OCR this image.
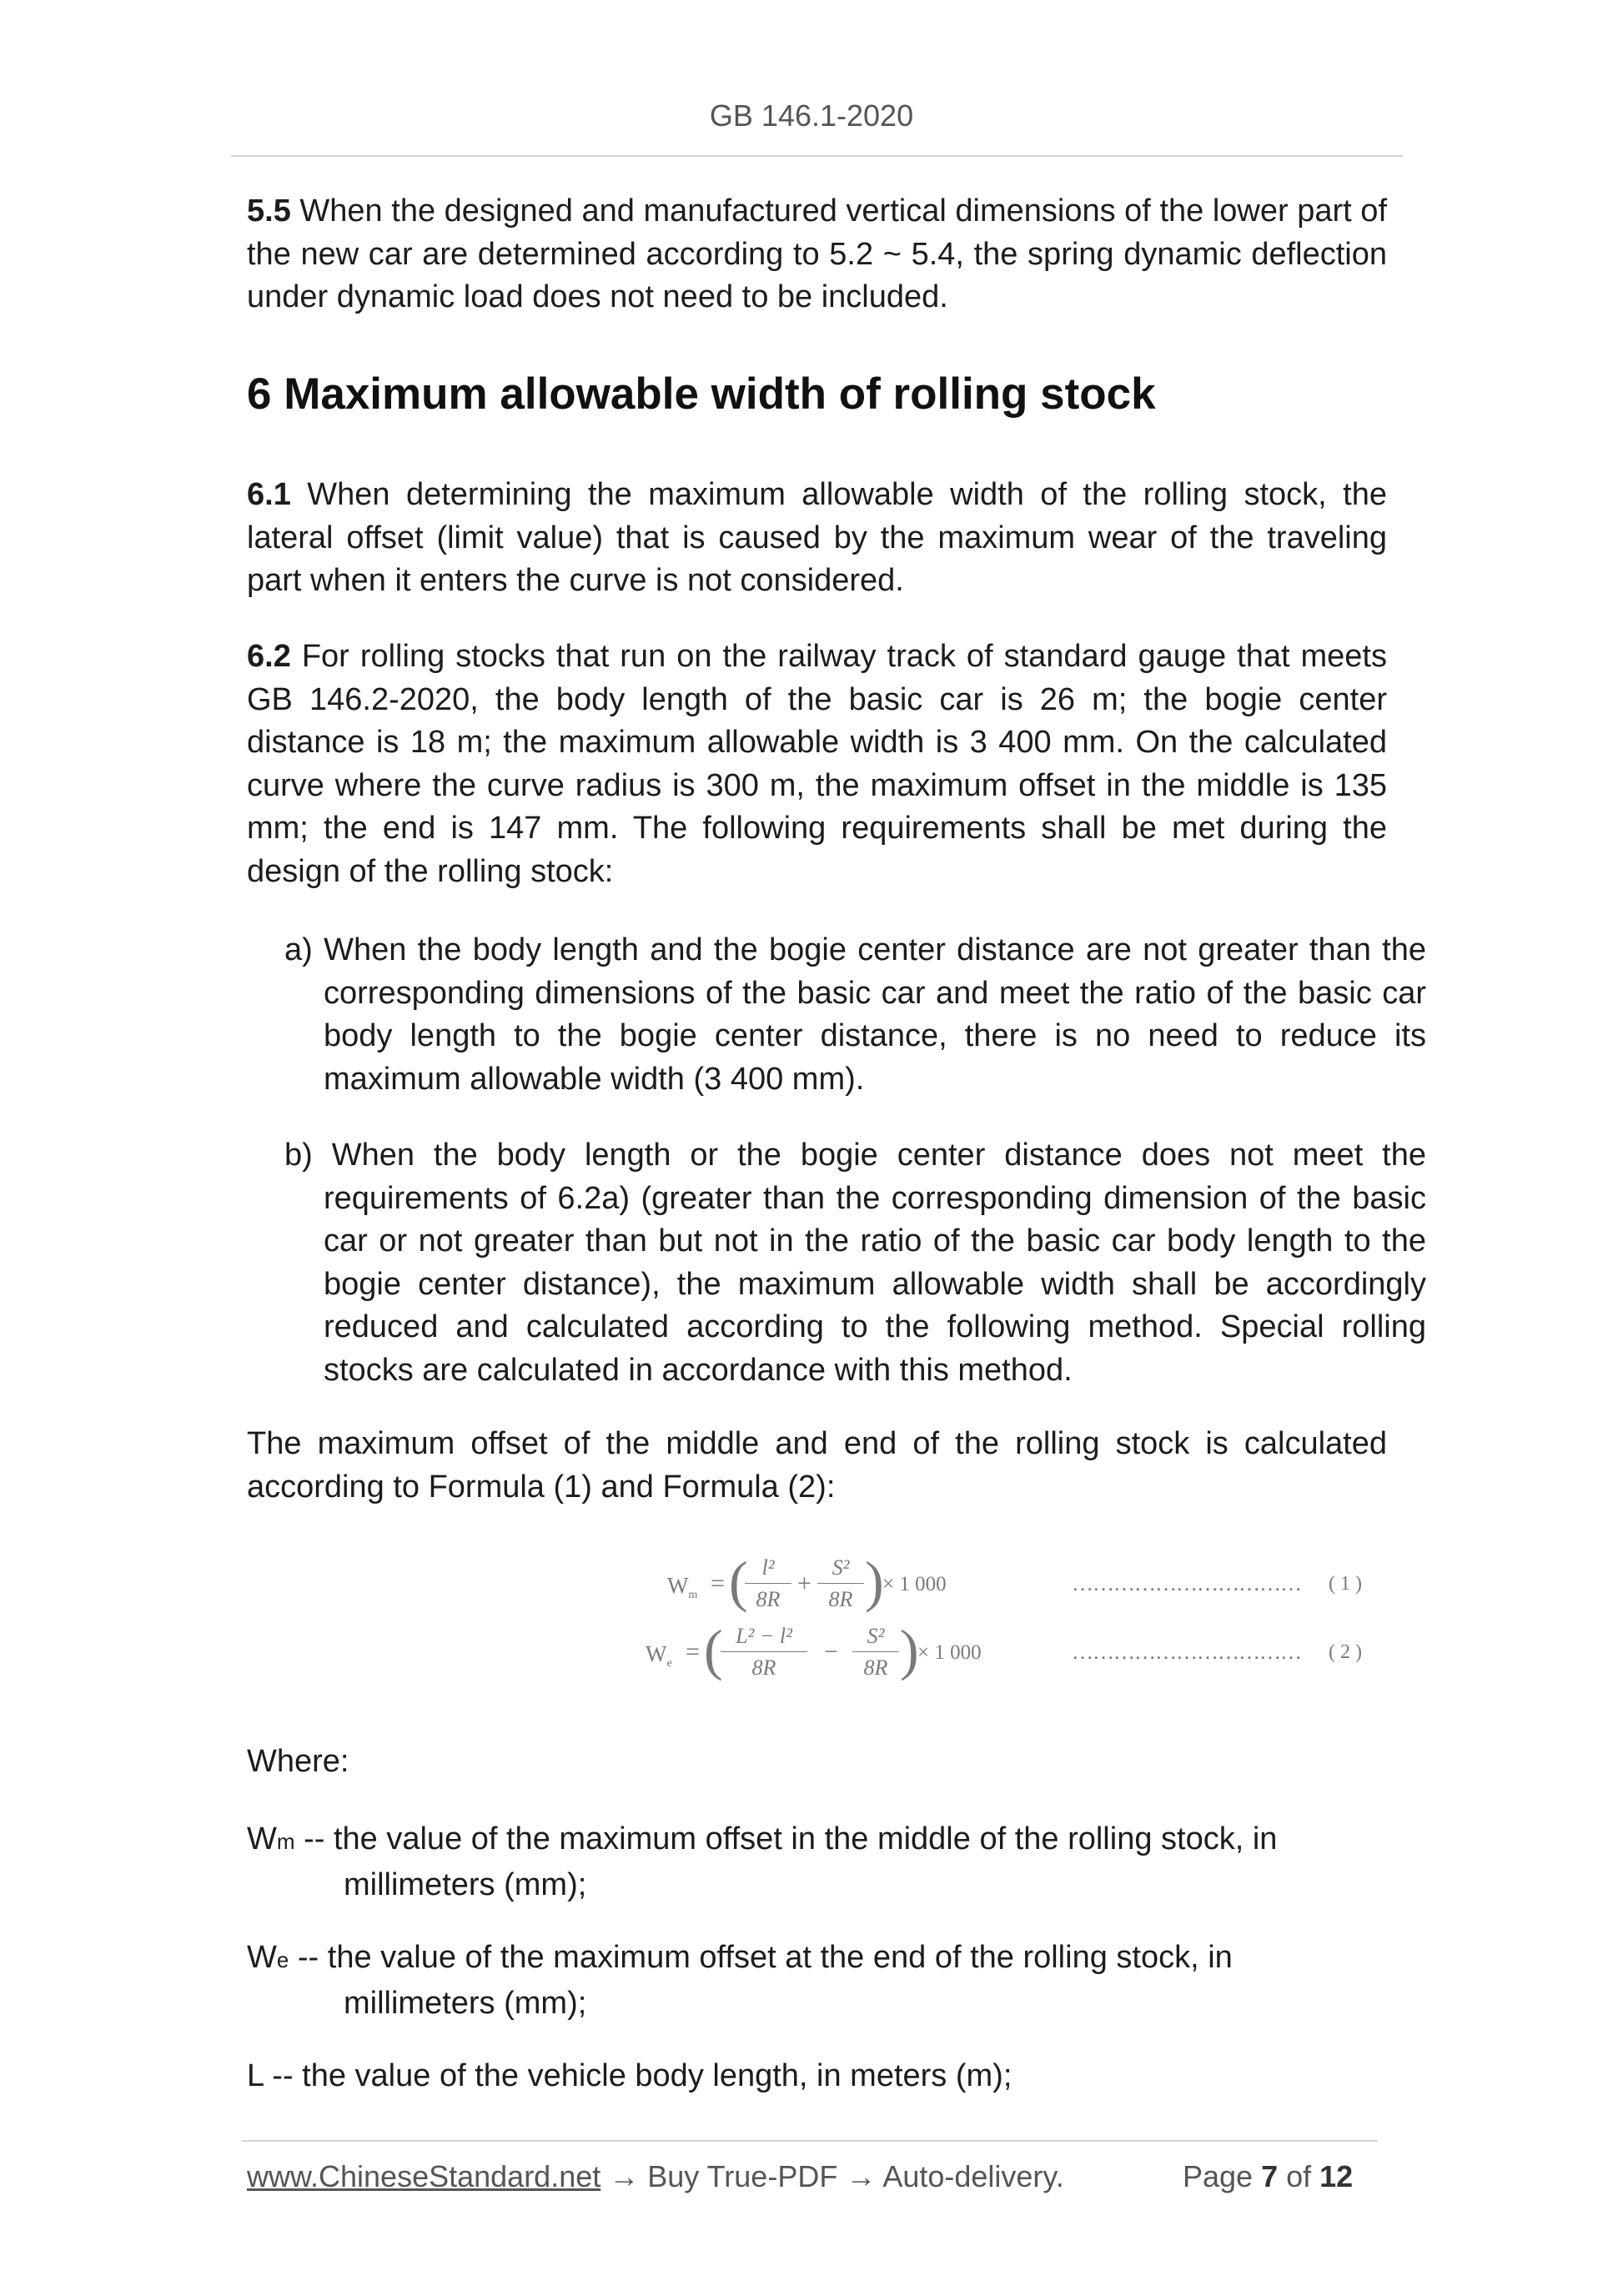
GB 146.1-2020

5.5 When the designed and manufactured vertical dimensions of the lower part of the new car are determined according to 5.2 ~ 5.4, the spring dynamic deflection under dynamic load does not need to be included.

6 Maximum allowable width of rolling stock

6.1 When determining the maximum allowable width of the rolling stock, the lateral offset (limit value) that is caused by the maximum wear of the traveling part when it enters the curve is not considered.

6.2 For rolling stocks that run on the railway track of standard gauge that meets GB 146.2-2020, the body length of the basic car is 26 m; the bogie center distance is 18 m; the maximum allowable width is 3 400 mm. On the calculated curve where the curve radius is 300 m, the maximum offset in the middle is 135 mm; the end is 147 mm. The following requirements shall be met during the design of the rolling stock:

a) When the body length and the bogie center distance are not greater than the corresponding dimensions of the basic car and meet the ratio of the basic car body length to the bogie center distance, there is no need to reduce its maximum allowable width (3 400 mm).

b) When the body length or the bogie center distance does not meet the requirements of 6.2a) (greater than the corresponding dimension of the basic car or not greater than but not in the ratio of the basic car body length to the bogie center distance), the maximum allowable width shall be accordingly reduced and calculated according to the following method. Special rolling stocks are calculated in accordance with this method.

The maximum offset of the middle and end of the rolling stock is calculated according to Formula (1) and Formula (2):

$W_m$ = (
$\frac{\text{l²}}{8R} + \frac{\text{S²}}{8R}$ )
× 1 000	…………………………… ( 1 )
$W_e$ = (
$\frac{\text{L² − l²}}{8R} - \frac{\text{S²}}{8R}$ )
× 1 000	…………………………… ( 2 )

Where:

Wm -- the value of the maximum offset in the middle of the rolling stock, in
millimeters (mm);
We -- the value of the maximum offset at the end of the rolling stock, in
millimeters (mm);
L -- the value of the vehicle body length, in meters (m);
www.ChineseStandard.net → Buy True-PDF → Auto-delivery.	Page 7 of 12
